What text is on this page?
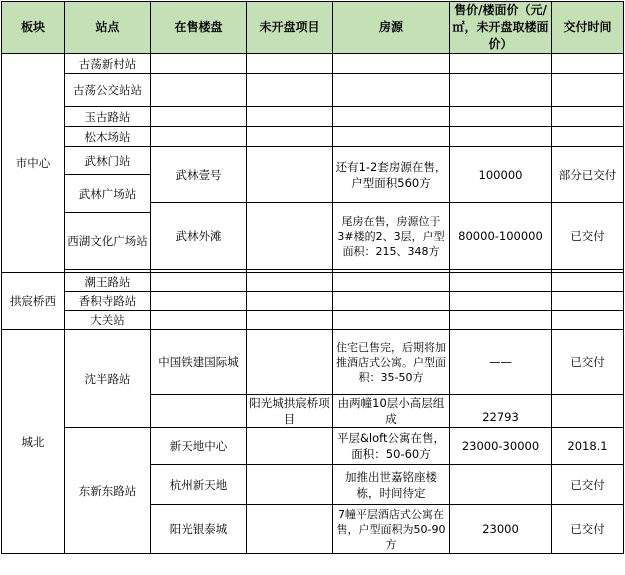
板块	站点	在售楼盘	未开盘项目	房源	售价/楼面价（元/㎡，未开盘取楼面价）	交付时间
市中心	古荡新村站					
	古荡公交站站					
	玉古路站					
	松木场站					
	武林门站	武林壹号		还有1-2套房源在售，户型面积560方	100000	部分已交付
	武林广场站					
		武林外滩		尾房在售，房源位于3#楼的2、3层，户型面积：215、348方	80000-100000	已交付
	西湖文化广场站					

拱宸桥西	潮王路站					
	香积寺路站					
	大关站					
城北	沈半路站	中国铁建国际城		住宅已售完，后期将加推酒店式公寓。户型面积：35-50方	——	已交付
			阳光城拱宸桥项目	由两幢10层小高层组成	22793	
	东新东路站	新天地中心		平层&loft公寓在售，面积：50-60方	23000-30000	2018.1
		杭州新天地		加推出世嘉铭座楼栋，时间待定		已交付
		阳光银泰城		7幢平层酒店式公寓在售，户型面积为50-90方	23000	已交付
